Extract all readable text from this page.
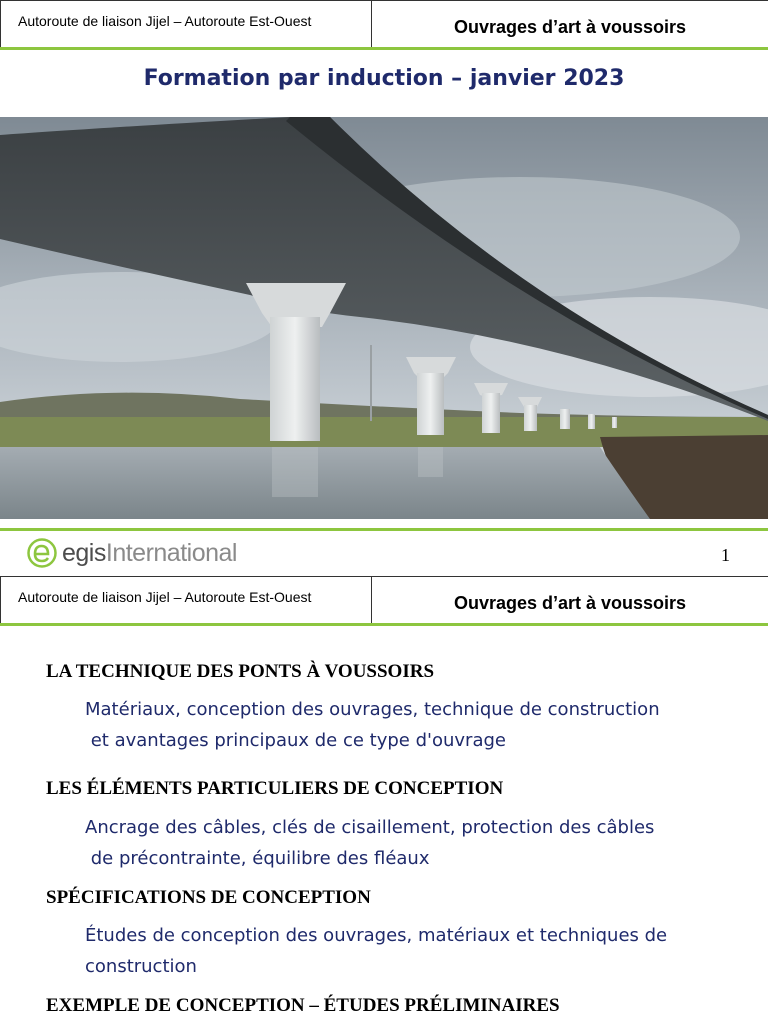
Autoroute de liaison Jijel – Autoroute Est-Ouest	Ouvrages d’art à voussoirs
Formation par induction – janvier 2023
egisInternational	1
Autoroute de liaison Jijel – Autoroute Est-Ouest	Ouvrages d’art à voussoirs
LA TECHNIQUE DES PONTS À VOUSSOIRS
Matériaux, conception des ouvrages, technique de construction
et avantages principaux de ce type d'ouvrage
LES ÉLÉMENTS PARTICULIERS DE CONCEPTION
Ancrage des câbles, clés de cisaillement, protection des câbles
de précontrainte, équilibre des fléaux
SPÉCIFICATIONS DE CONCEPTION
Études de conception des ouvrages, matériaux et techniques de
construction
EXEMPLE DE CONCEPTION – ÉTUDES PRÉLIMINAIRES
